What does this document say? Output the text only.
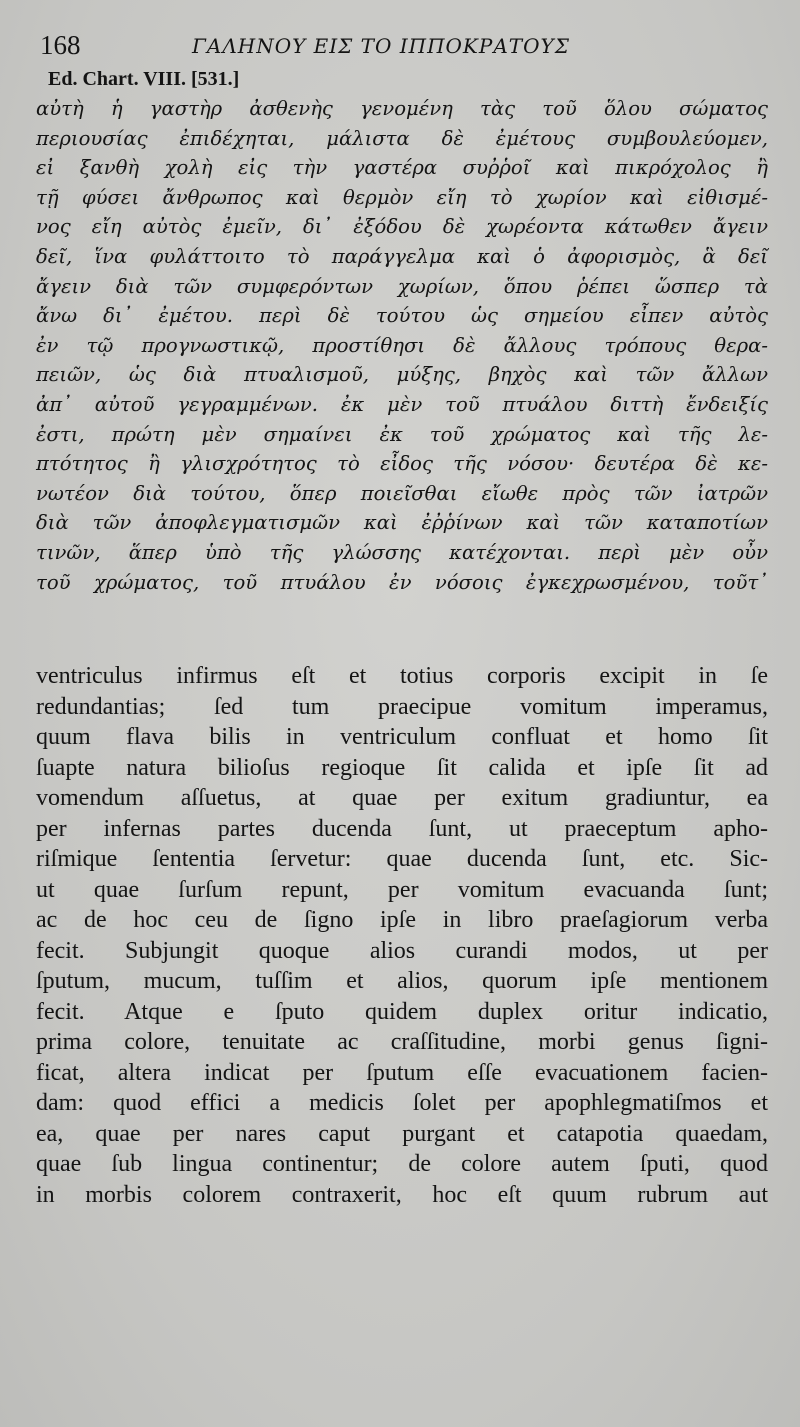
168	ΓΑΛΗΝΟΥ ΕΙΣ ΤΟ ΙΠΠΟΚΡΑΤΟΥΣ
Ed. Chart. VIII. [531.]
αὐτὴ ἡ γαστὴρ ἀσθενὴς γενομένη τὰς τοῦ ὅλου σώματος
περιουσίας ἐπιδέχηται, μάλιστα δὲ ἐμέτους συμβουλεύομεν,
εἰ ξανθὴ χολὴ εἰς τὴν γαστέρα συῤῥοῖ καὶ πικρόχολος ἢ
τῇ φύσει ἄνθρωπος καὶ θερμὸν εἴη τὸ χωρίον καὶ εἰθισμέ-
νος εἴη αὐτὸς ἐμεῖν, δι᾽ ἐξόδου δὲ χωρέοντα κάτωθεν ἄγειν
δεῖ, ἵνα φυλάττοιτο τὸ παράγγελμα καὶ ὁ ἀφορισμὸς, ἃ δεῖ
ἄγειν διὰ τῶν συμφερόντων χωρίων, ὅπου ῥέπει ὥσπερ τὰ
ἄνω δι᾽ ἐμέτου. περὶ δὲ τούτου ὡς σημείου εἶπεν αὐτὸς
ἐν τῷ προγνωστικῷ, προστίθησι δὲ ἄλλους τρόπους θερα-
πειῶν, ὡς διὰ πτυαλισμοῦ, μύξης, βηχὸς καὶ τῶν ἄλλων
ἀπ᾽ αὐτοῦ γεγραμμένων. ἐκ μὲν τοῦ πτυάλου διττὴ ἔνδειξίς
ἐστι, πρώτη μὲν σημαίνει ἐκ τοῦ χρώματος καὶ τῆς λε-
πτότητος ἢ γλισχρότητος τὸ εἶδος τῆς νόσου· δευτέρα δὲ κε-
νωτέον διὰ τούτου, ὅπερ ποιεῖσθαι εἴωθε πρὸς τῶν ἰατρῶν
διὰ τῶν ἀποφλεγματισμῶν καὶ ἐῤῥίνων καὶ τῶν καταποτίων
τινῶν, ἅπερ ὑπὸ τῆς γλώσσης κατέχονται. περὶ μὲν οὖν
τοῦ χρώματος, τοῦ πτυάλου ἐν νόσοις ἐγκεχρωσμένου, τοῦτ᾽
ventriculus infirmus eſt et totius corporis excipit in ſe
redundantias; ſed tum praecipue vomitum imperamus,
quum flava bilis in ventriculum confluat et homo ſit
ſuapte natura bilioſus regioque ſit calida et ipſe ſit ad
vomendum aſſuetus, at quae per exitum gradiuntur, ea
per infernas partes ducenda ſunt, ut praeceptum apho-
riſmique ſententia ſervetur: quae ducenda ſunt, etc. Sic-
ut quae ſurſum repunt, per vomitum evacuanda ſunt;
ac de hoc ceu de ſigno ipſe in libro praeſagiorum verba
fecit. Subjungit quoque alios curandi modos, ut per
ſputum, mucum, tuſſim et alios, quorum ipſe mentionem
fecit. Atque e ſputo quidem duplex oritur indicatio,
prima colore, tenuitate ac craſſitudine, morbi genus ſigni-
ficat, altera indicat per ſputum eſſe evacuationem facien-
dam: quod effici a medicis ſolet per apophlegmatiſmos et
ea, quae per nares caput purgant et catapotia quaedam,
quae ſub lingua continentur; de colore autem ſputi, quod
in morbis colorem contraxerit, hoc eſt quum rubrum aut
